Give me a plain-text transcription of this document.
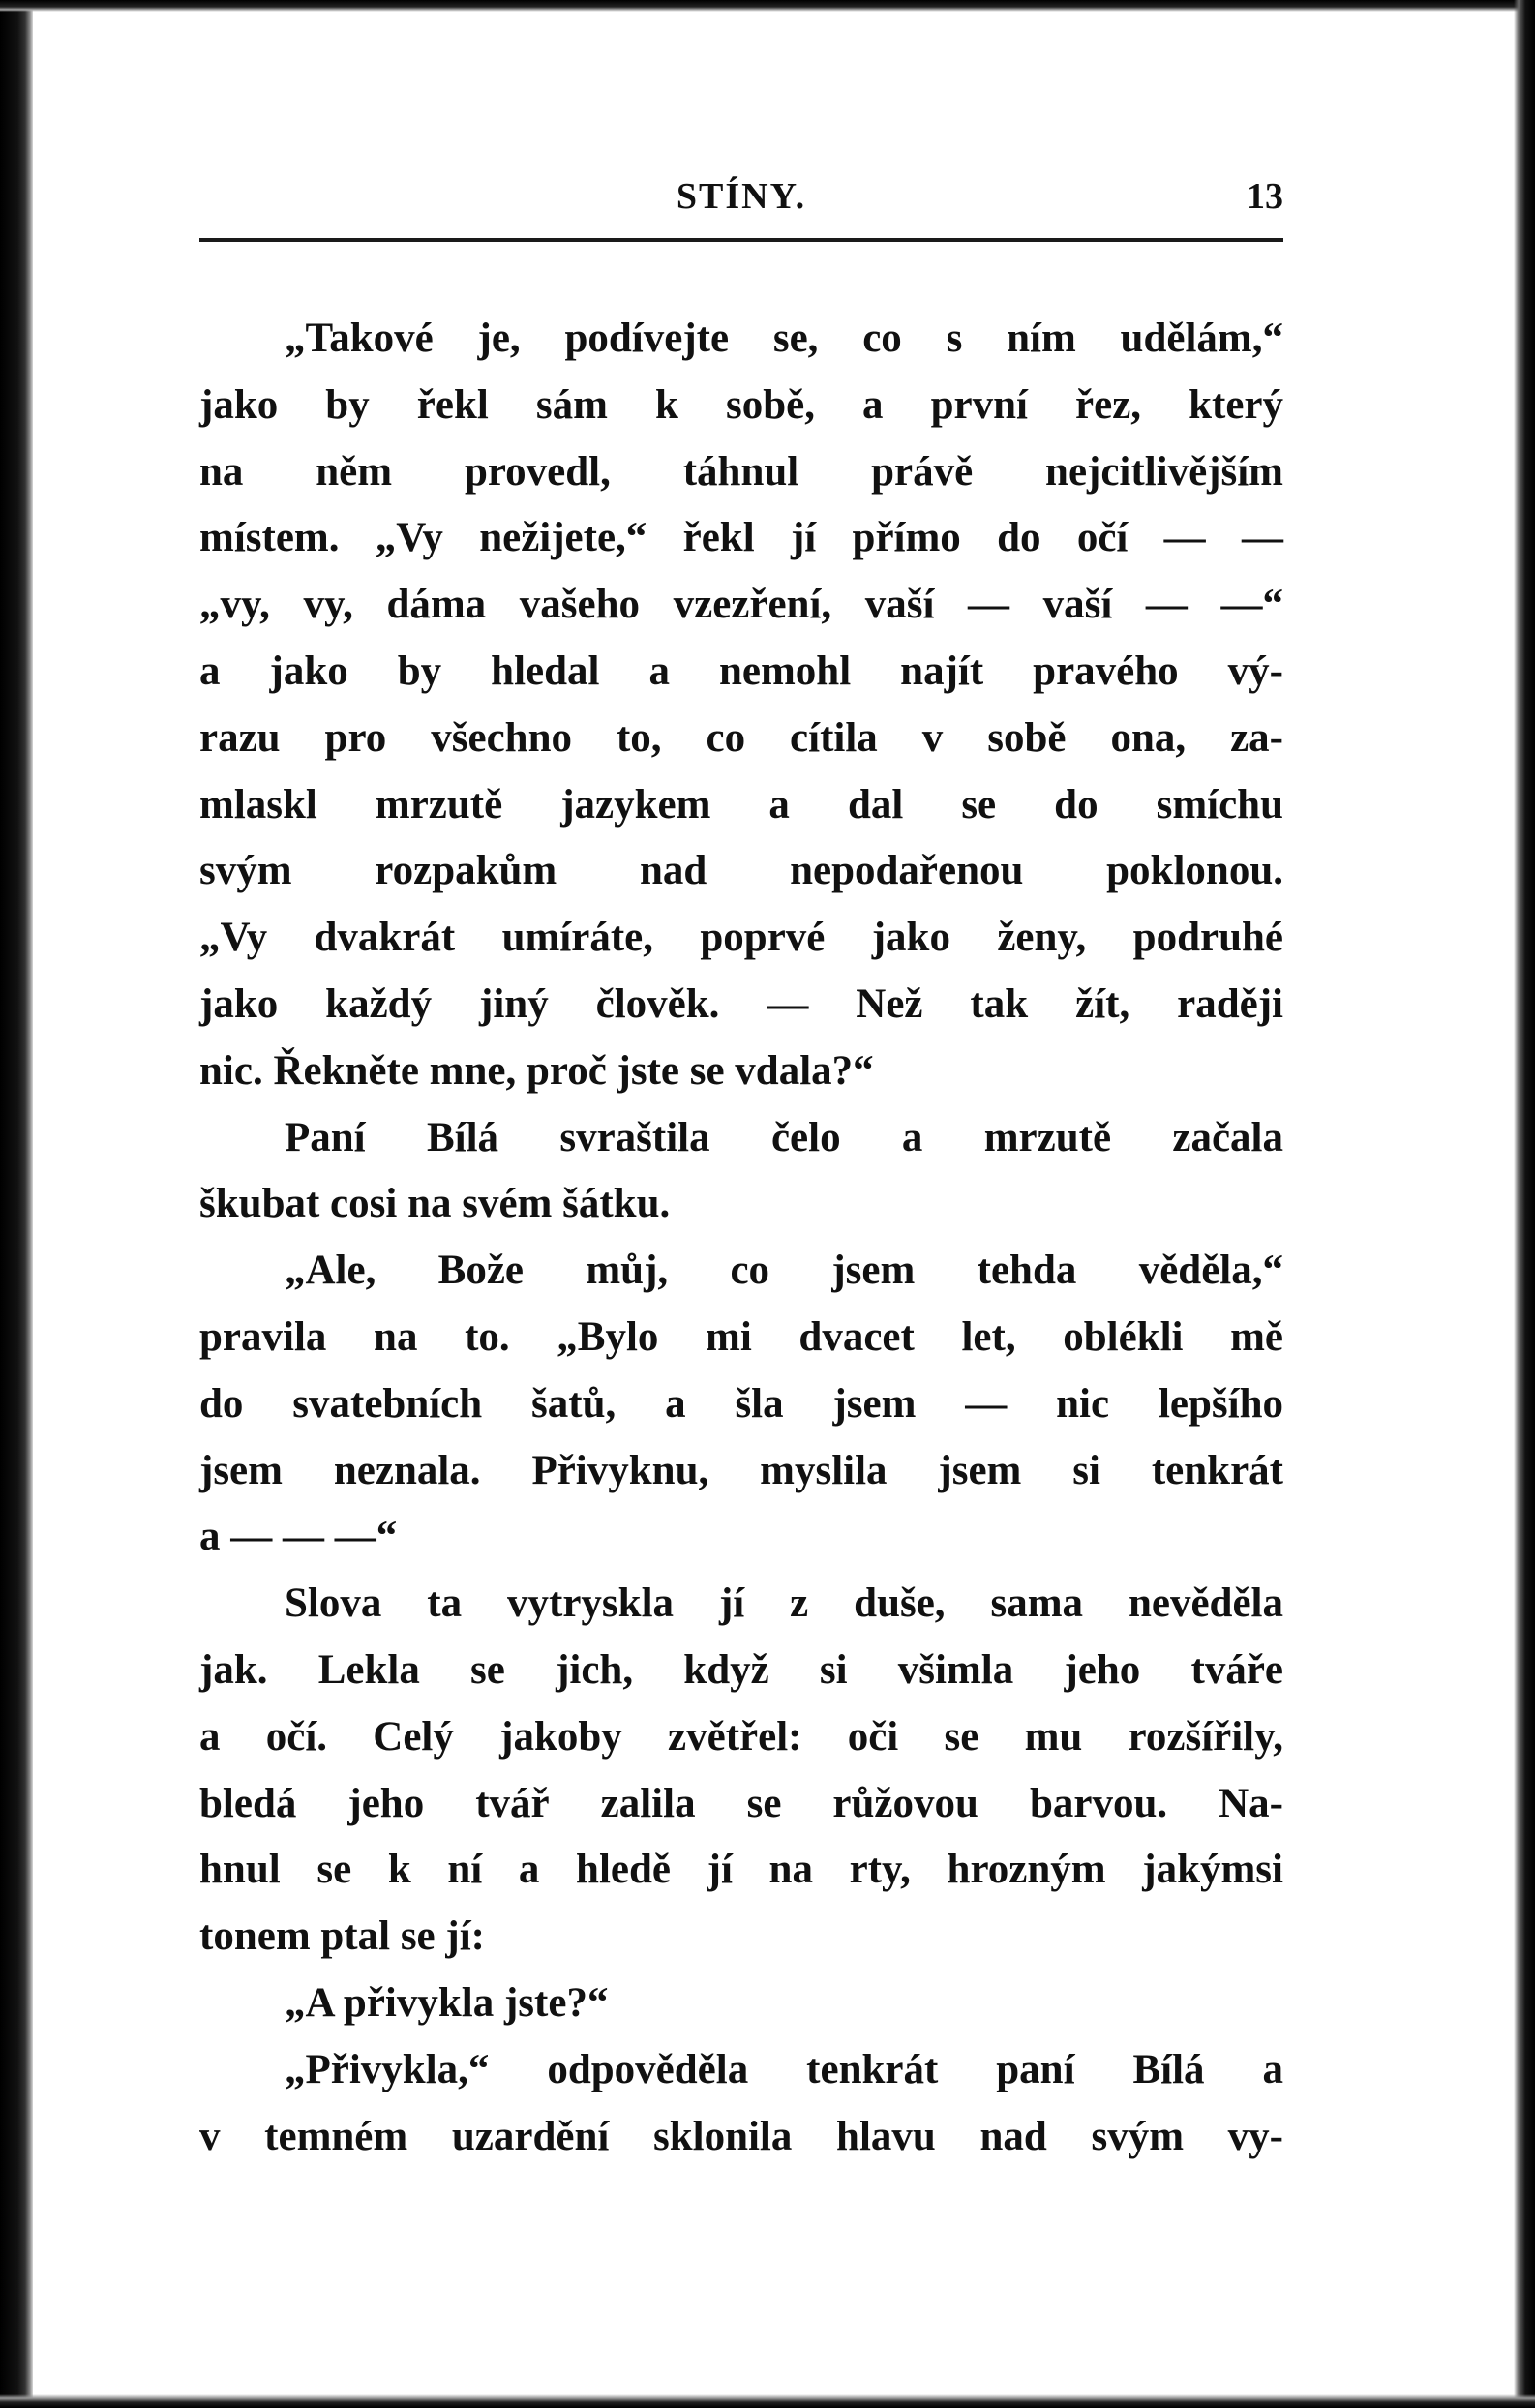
STÍNY.	13
„Takové je, podívejte se, co s ním udělám,“
jako by řekl sám k sobě, a první řez, který
na něm provedl, táhnul právě nejcitlivějším
místem. „Vy nežijete,“ řekl jí přímo do očí — —
„vy, vy, dáma vašeho vzezření, vaší — vaší — —“
a jako by hledal a nemohl najít pravého vý-
razu pro všechno to, co cítila v sobě ona, za-
mlaskl mrzutě jazykem a dal se do smíchu
svým rozpakům nad nepodařenou poklonou.
„Vy dvakrát umíráte, poprvé jako ženy, podruhé
jako každý jiný člověk. — Než tak žít, raději
nic. Řekněte mne, proč jste se vdala?“
Paní Bílá svraštila čelo a mrzutě začala
škubat cosi na svém šátku.
„Ale, Bože můj, co jsem tehda věděla,“
pravila na to. „Bylo mi dvacet let, oblékli mě
do svatebních šatů, a šla jsem — nic lepšího
jsem neznala. Přivyknu, myslila jsem si tenkrát
a — — —“
Slova ta vytryskla jí z duše, sama nevěděla
jak. Lekla se jich, když si všimla jeho tváře
a očí. Celý jakoby zvětřel: oči se mu rozšířily,
bledá jeho tvář zalila se růžovou barvou. Na-
hnul se k ní a hledě jí na rty, hrozným jakýmsi
tonem ptal se jí:
„A přivykla jste?“
„Přivykla,“ odpověděla tenkrát paní Bílá a
v temném uzardění sklonila hlavu nad svým vy-
